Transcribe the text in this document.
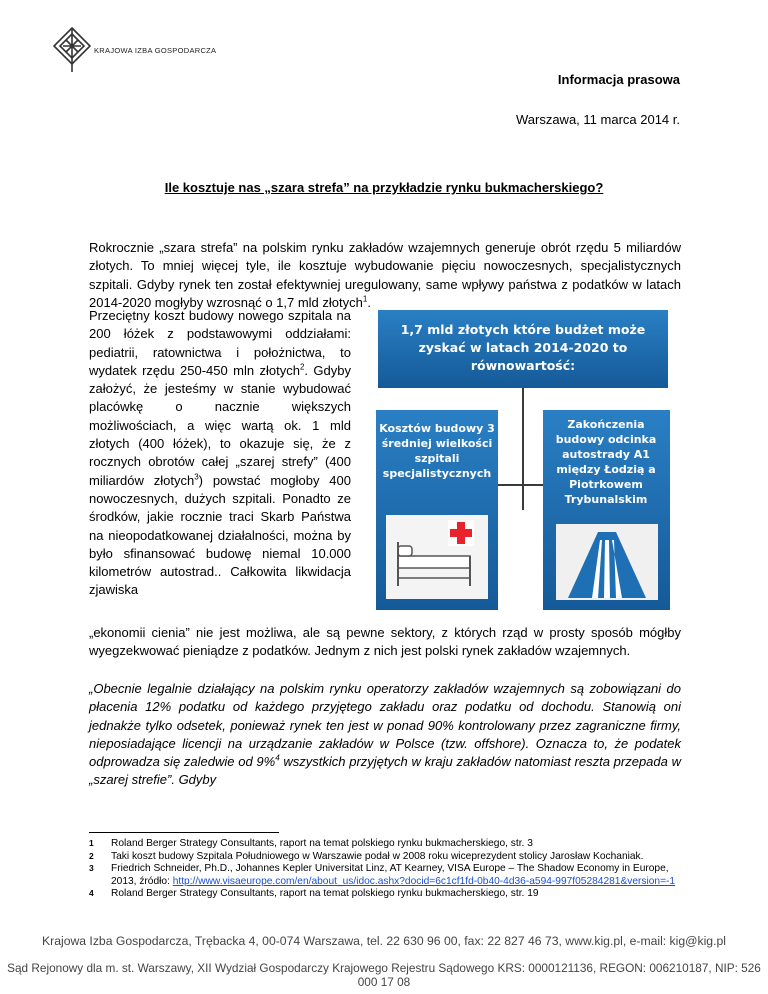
KRAJOWA IZBA GOSPODARCZA
Informacja prasowa
Warszawa, 11 marca 2014 r.
Ile kosztuje nas „szara strefa” na przykładzie rynku bukmacherskiego?
Rokrocznie „szara strefa” na polskim rynku zakładów wzajemnych generuje obrót rzędu 5 miliardów złotych. To mniej więcej tyle, ile kosztuje wybudowanie pięciu nowoczesnych, specjalistycznych szpitali. Gdyby rynek ten został efektywniej uregulowany, same wpływy państwa z podatków w latach 2014-2020 mogłyby wzrosnąć o 1,7 mld złotych$^1$.
Przeciętny koszt budowy nowego szpitala na 200 łóżek z podstawowymi oddziałami: pediatrii, ratownictwa i położnictwa, to wydatek rzędu 250-450 mln złotych$^2$. Gdyby założyć, że jesteśmy w stanie wybudować placówkę o nacznie większych możliwościach, a więc wartą ok. 1 mld złotych (400 łóżek), to okazuje się, że z rocznych obrotów całej „szarej strefy” (400 miliardów złotych$^3$) powstać mogłoby 400 nowoczesnych, dużych szpitali. Ponadto ze środków, jakie rocznie traci Skarb Państwa na nieopodatkowanej działalności, można by było sfinansować budowę niemal 10.000 kilometrów autostrad.. Całkowita likwidacja zjawiska
„ekonomii cienia” nie jest możliwa, ale są pewne sektory, z których rząd w prosty sposób mógłby wyegzekwować pieniądze z podatków. Jednym z nich jest polski rynek zakładów wzajemnych.
1,7 mld złotych które budżet może
zyskać w latach 2014-2020 to
równowartość:
Kosztów budowy 3
średniej wielkości
szpitali
specjalistycznych
Zakończenia
budowy odcinka
autostrady A1
między Łodzią a
Piotrkowem
Trybunalskim
„Obecnie legalnie działający na polskim rynku operatorzy zakładów wzajemnych są zobowiązani do płacenia 12% podatku od każdego przyjętego zakładu oraz podatku od dochodu. Stanowią oni jednakże tylko odsetek, ponieważ rynek ten jest w ponad 90% kontrolowany przez zagraniczne firmy, nieposiadające licencji na urządzanie zakładów w Polsce (tzw. offshore). Oznacza to, że podatek odprowadza się zaledwie od 9%$^4$ wszystkich przyjętych w kraju zakładów natomiast reszta przepada w „szarej strefie”. Gdyby
1 Roland Berger Strategy Consultants, raport na temat polskiego rynku bukmacherskiego, str. 3
2 Taki koszt budowy Szpitala Południowego w Warszawie podał w 2008 roku wiceprezydent stolicy Jarosław Kochaniak.
3 Friedrich Schneider, Ph.D., Johannes Kepler Universitat Linz, AT Kearney, VISA Europe – The Shadow Economy in Europe, 2013, źródło: http://www.visaeurope.com/en/about_us/idoc.ashx?docid=6c1cf1fd-0b40-4d36-a594-997f05284281&version=-1
4 Roland Berger Strategy Consultants, raport na temat polskiego rynku bukmacherskiego, str. 19
Krajowa Izba Gospodarcza, Trębacka 4, 00-074 Warszawa, tel. 22 630 96 00, fax: 22 827 46 73, www.kig.pl, e-mail: kig@kig.pl
Sąd Rejonowy dla m. st. Warszawy, XII Wydział Gospodarczy Krajowego Rejestru Sądowego KRS: 0000121136, REGON: 006210187, NIP: 526 000 17 08
